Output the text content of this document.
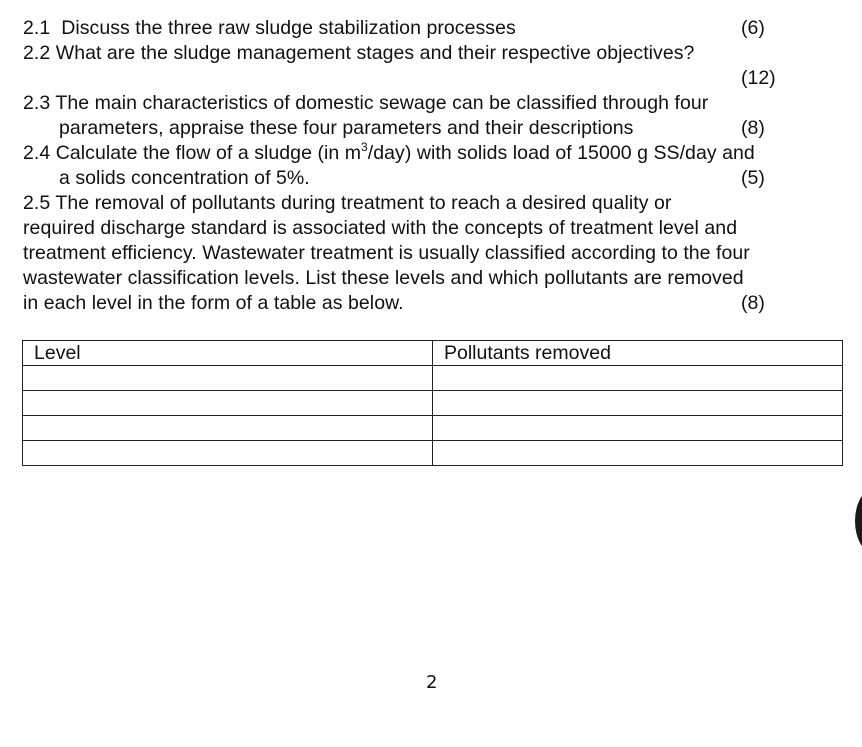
2.1 Discuss the three raw sludge stabilization processes	(6)
2.2 What are the sludge management stages and their respective objectives?
(12)
2.3 The main characteristics of domestic sewage can be classified through four
parameters, appraise these four parameters and their descriptions	(8)
2.4 Calculate the flow of a sludge (in $m^3/day$) with solids load of 15000 g SS/day and
a solids concentration of 5%.	(5)
2.5 The removal of pollutants during treatment to reach a desired quality or
required discharge standard is associated with the concepts of treatment level and
treatment efficiency. Wastewater treatment is usually classified according to the four
wastewater classification levels. List these levels and which pollutants are removed
in each level in the form of a table as below.	(8)
Level	Pollutants removed

2
